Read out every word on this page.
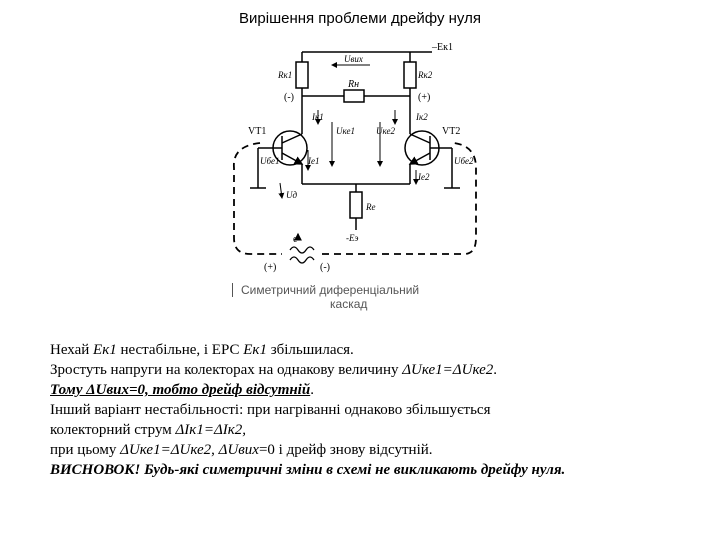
Вирішення проблеми дрейфу нуля
–Eк1
Uвих
Rк1	Rк2
Rн
(-)	(+)
Iк1	Iк2
Uке1 Uке2
VT1	VT2
Uбе1	Uбе2
Iе1
Iе2
Uд
Rе
-Eэ
e
(+)	(-)
Симетричний диференціальний
каскад

Нехай Ек1 нестабільне, і ЕРС Ек1 збільшилася.

Зростуть напруги на колекторах на однакову величину ΔUке1=ΔUке2.

Тому ΔUвих=0, тобто дрейф відсутній.

Інший варіант нестабільності: при нагріванні однаково збільшується

колекторний струм ΔIк1=ΔIк2,

при цьому ΔUке1=ΔUке2, ΔUвих=0 і дрейф знову відсутній.

ВИСНОВОК! Будь-які симетричні зміни в схемі не викликають дрейфу нуля.
